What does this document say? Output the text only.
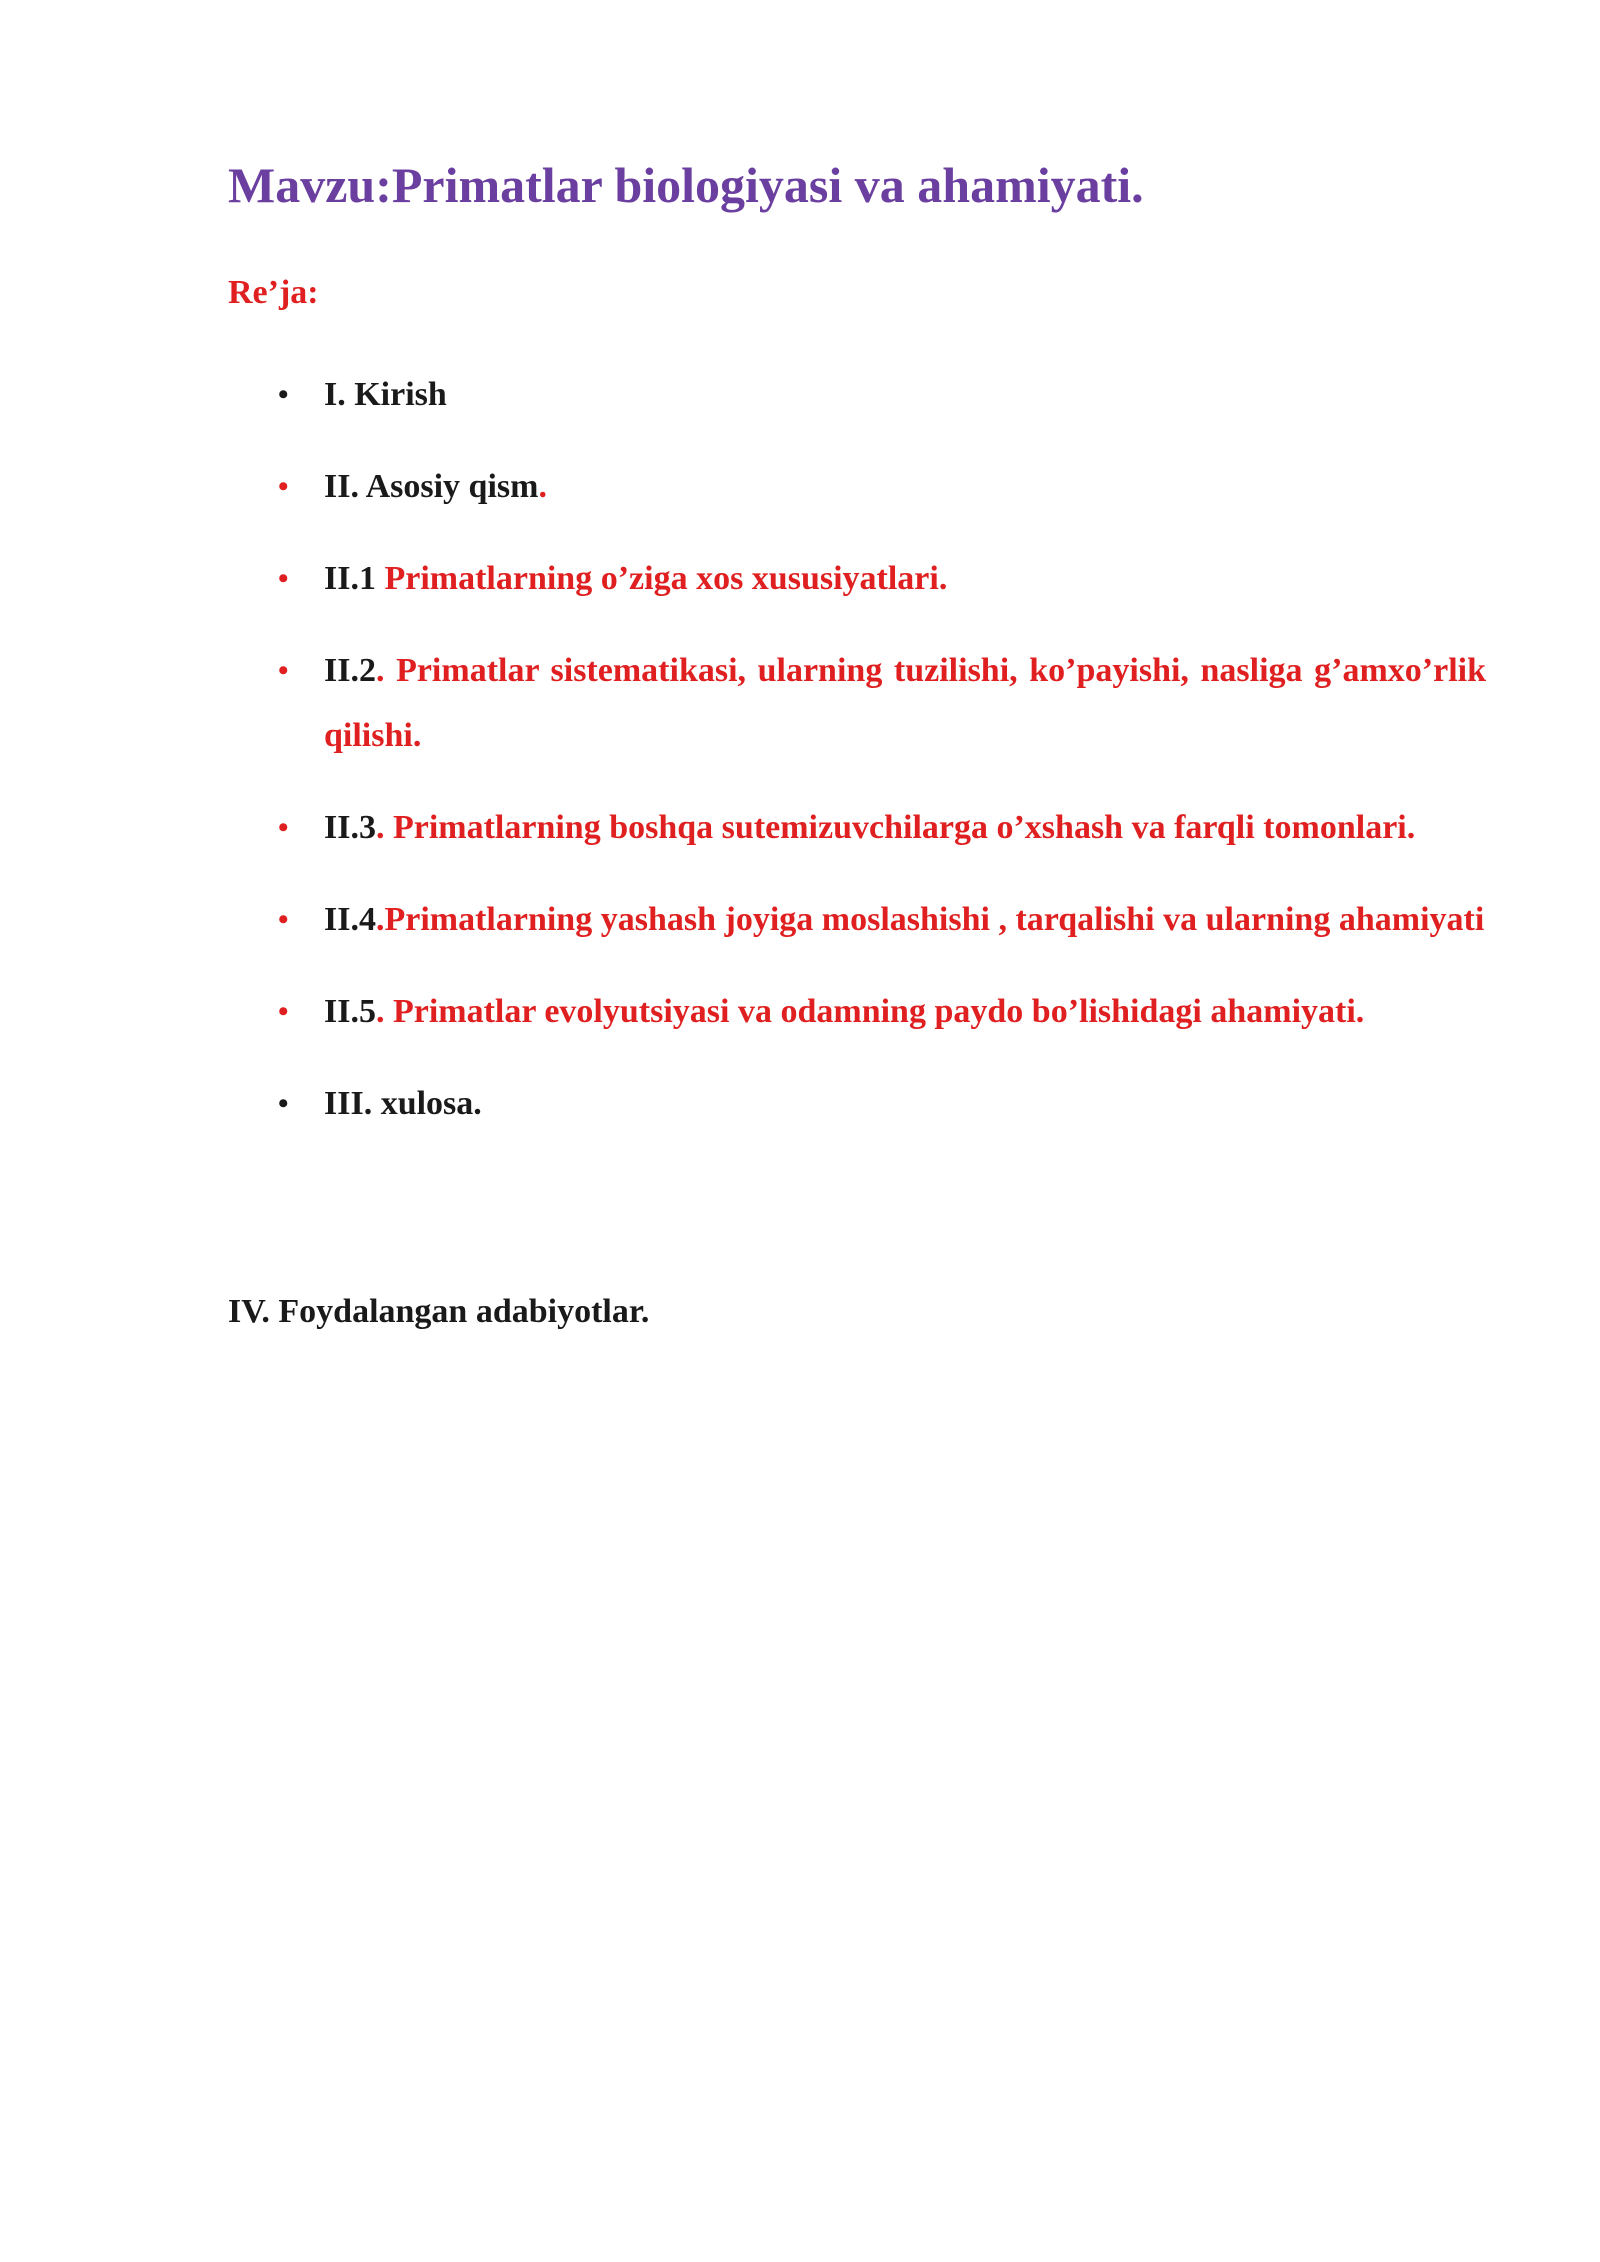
Mavzu:Primatlar biologiyasi va ahamiyati.
Re’ja:
• I. Kirish
• II. Asosiy qism.
• II.1 Primatlarning o’ziga xos xususiyatlari.
• II.2. Primatlar sistematikasi, ularning tuzilishi, ko’payishi, nasliga g’amxo’rlik qilishi.
• II.3. Primatlarning boshqa sutemizuvchilarga o’xshash va farqli tomonlari.
• II.4.Primatlarning yashash joyiga moslashishi , tarqalishi va ularning ahamiyati
• II.5. Primatlar evolyutsiyasi va odamning paydo bo’lishidagi ahamiyati.
• III. xulosa.
IV. Foydalangan adabiyotlar.
